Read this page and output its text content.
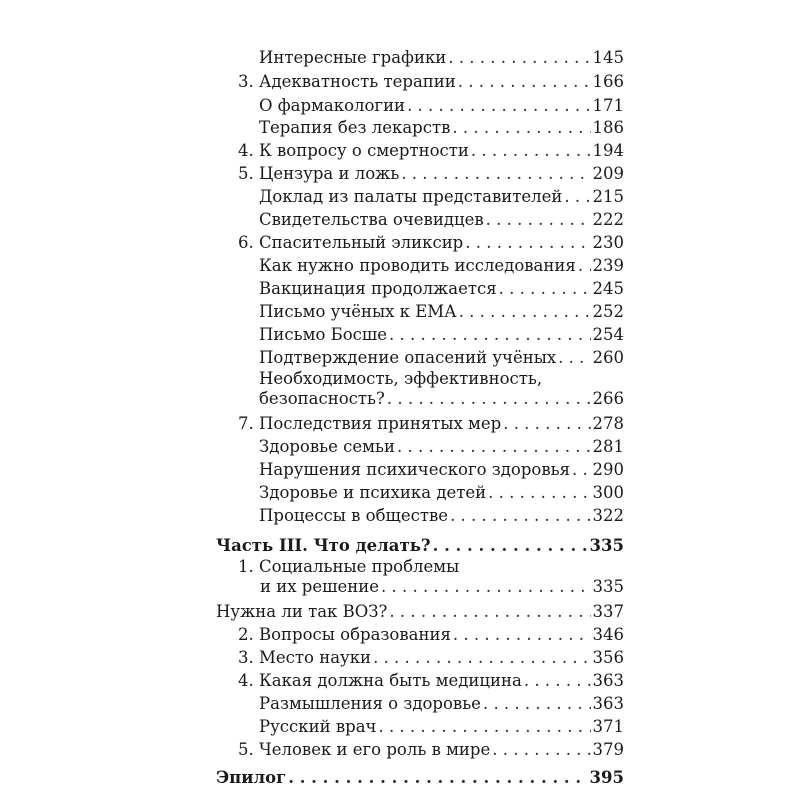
Интересные графики . . .	145
3. Адекватность терапии . . .	166
О фармакологии . . .	171
Терапия без лекарств . . .	186
4. К вопросу о смертности . . .	194
5. Цензура и ложь . . .	209
Доклад из палаты представителей . . . 215
Свидетельства очевидцев . . .	222
6. Спасительный эликсир . . .	230
Как нужно проводить исследования . . . 239
Вакцинация продолжается . . .	245
Письмо учёных к ЕМА . . .	252
Письмо Босше . . .	254
Подтверждение опасений учёных . . . 260
Необходимость, эффективность,
безопасность? . . .	266
7. Последствия принятых мер . . .	278
Здоровье семьи . . .	281
Нарушения психического здоровья . . . 290
Здоровье и психика детей . . .	300
Процессы в обществе . . .	322
Часть III. Что делать? . . .	335
1. Социальные проблемы
и их решение . . .	335
Нужна ли так ВОЗ? . . .	337
2. Вопросы образования . . .	346
3. Место науки . . .	356
4. Какая должна быть медицина . . .	363
Размышления о здоровье . . .	363
Русский врач . . .	371
5. Человек и его роль в мире . . .	379
Эпилог . . .	395
